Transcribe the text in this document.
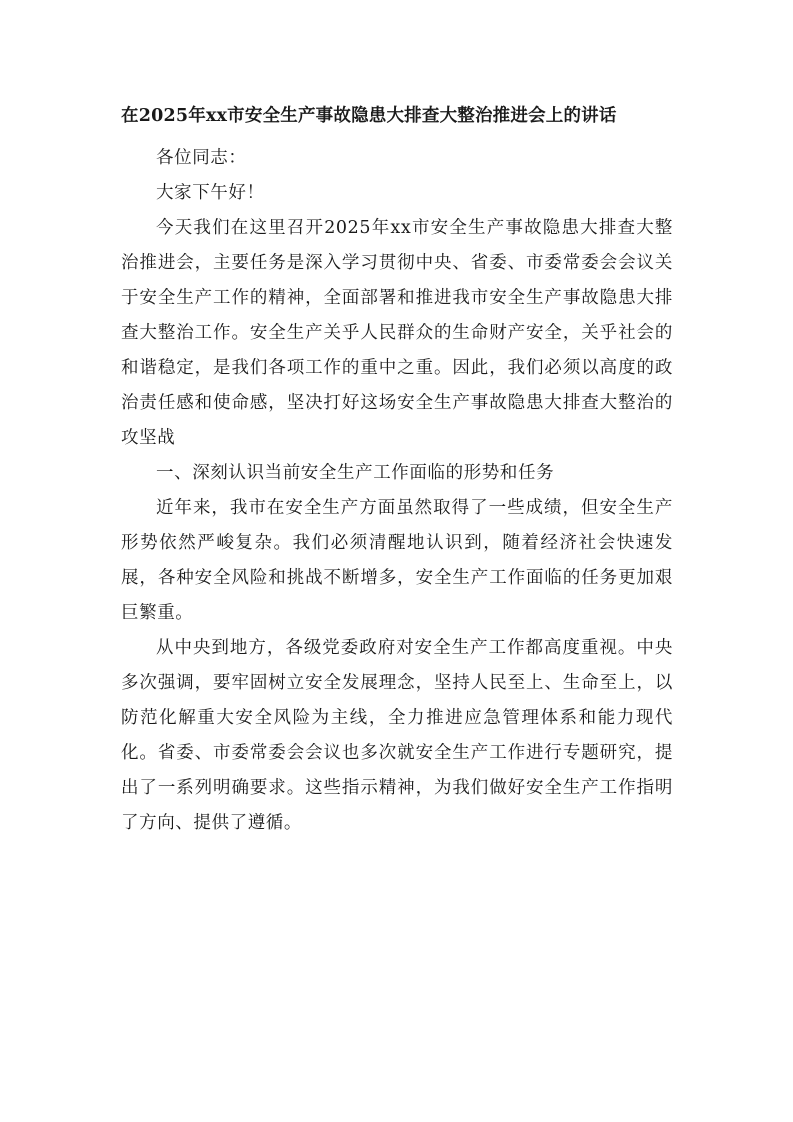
在2025年xx市安全生产事故隐患大排查大整治推进会上的讲话

各位同志：

大家下午好！

今天我们在这里召开2025年xx市安全生产事故隐患大排查大整治推进会，主要任务是深入学习贯彻中央、省委、市委常委会会议关于安全生产工作的精神，全面部署和推进我市安全生产事故隐患大排查大整治工作。安全生产关乎人民群众的生命财产安全，关乎社会的和谐稳定，是我们各项工作的重中之重。因此，我们必须以高度的政治责任感和使命感，坚决打好这场安全生产事故隐患大排查大整治的攻坚战

一、深刻认识当前安全生产工作面临的形势和任务

近年来，我市在安全生产方面虽然取得了一些成绩，但安全生产形势依然严峻复杂。我们必须清醒地认识到，随着经济社会快速发展，各种安全风险和挑战不断增多，安全生产工作面临的任务更加艰巨繁重。

从中央到地方，各级党委政府对安全生产工作都高度重视。中央多次强调，要牢固树立安全发展理念，坚持人民至上、生命至上，以防范化解重大安全风险为主线，全力推进应急管理体系和能力现代化。省委、市委常委会会议也多次就安全生产工作进行专题研究，提出了一系列明确要求。这些指示精神，为我们做好安全生产工作指明了方向、提供了遵循。
